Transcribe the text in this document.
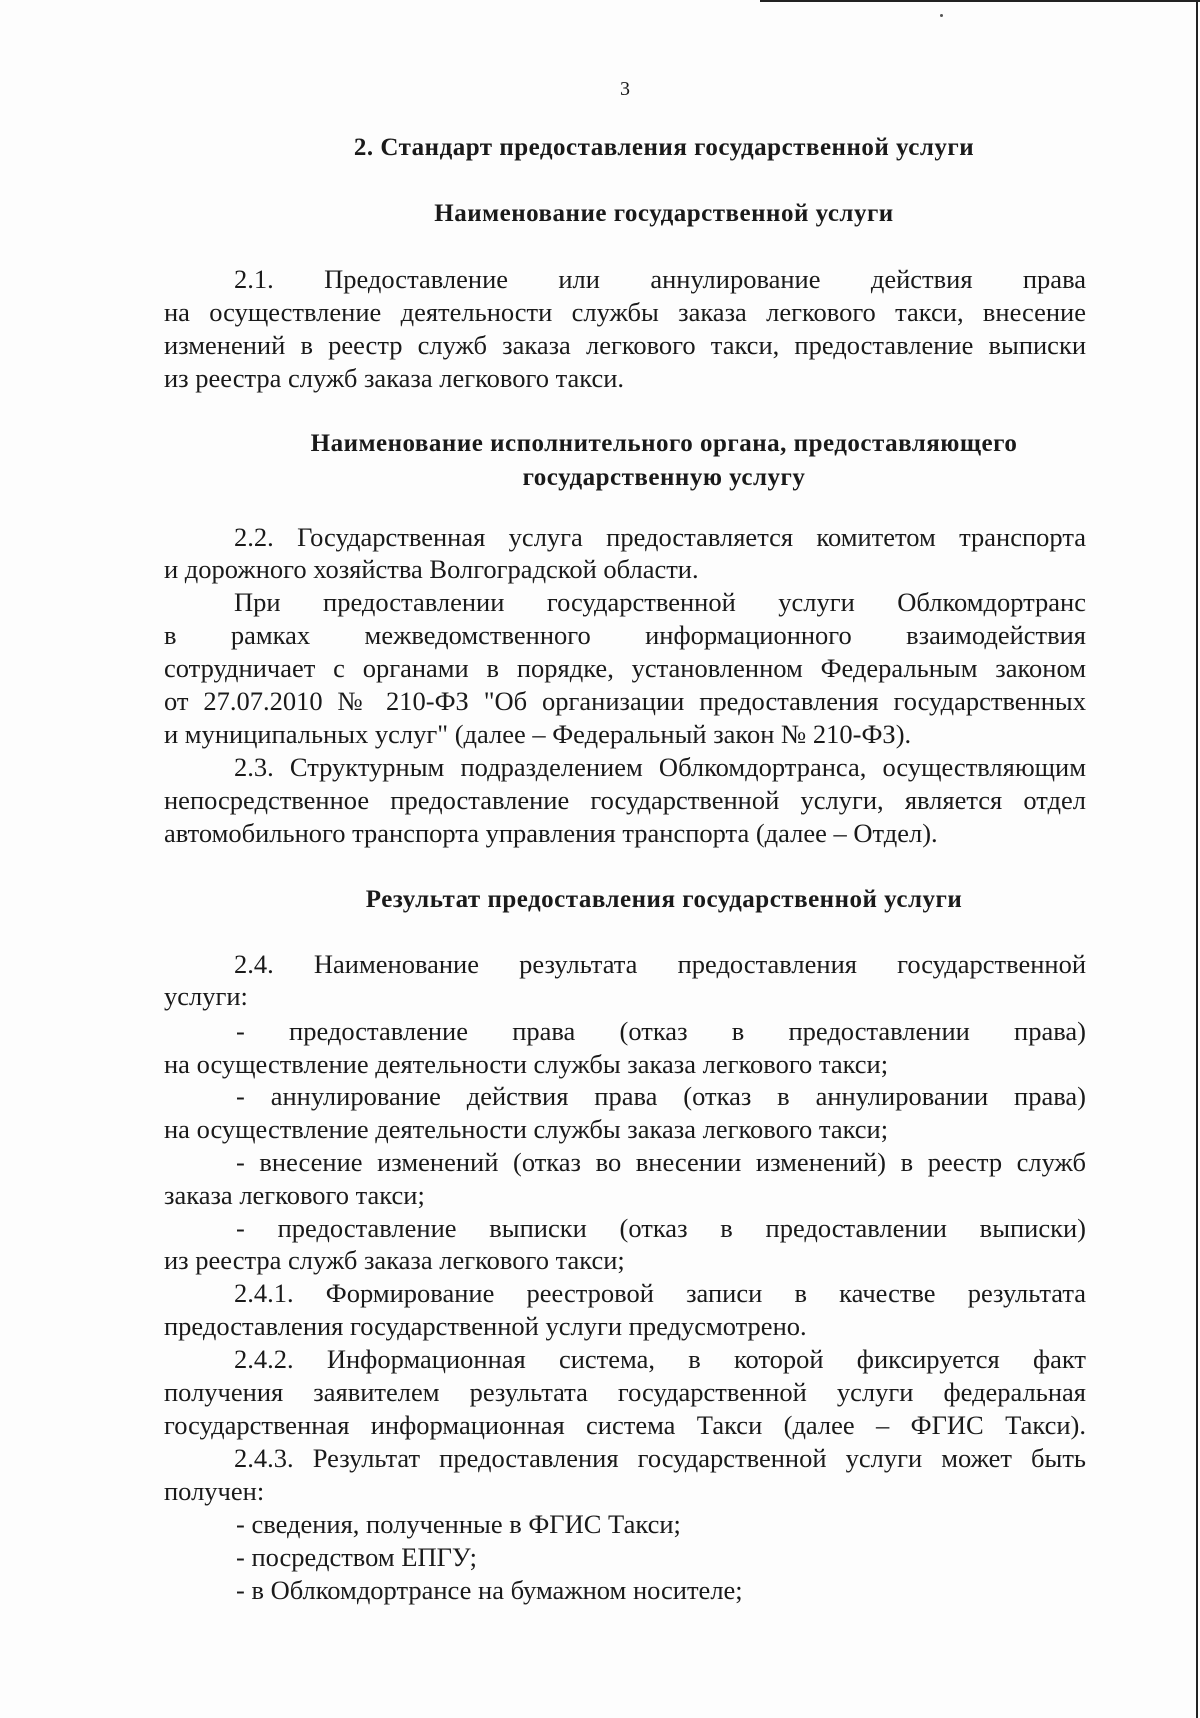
3
2. Стандарт предоставления государственной услуги
Наименование государственной услуги
2.1. Предоставление или аннулирование действия права
на осуществление деятельности службы заказа легкового такси, внесение
изменений в реестр служб заказа легкового такси, предоставление выписки
из реестра служб заказа легкового такси.
Наименование исполнительного органа, предоставляющего
государственную услугу
2.2. Государственная услуга предоставляется комитетом транспорта
и дорожного хозяйства Волгоградской области.
При предоставлении государственной услуги Облкомдортранс
в рамках межведомственного информационного взаимодействия
сотрудничает с органами в порядке, установленном Федеральным законом
от 27.07.2010 № 210-ФЗ "Об организации предоставления государственных
и муниципальных услуг" (далее – Федеральный закон № 210-ФЗ).
2.3. Структурным подразделением Облкомдортранса, осуществляющим
непосредственное предоставление государственной услуги, является отдел
автомобильного транспорта управления транспорта (далее – Отдел).
Результат предоставления государственной услуги
2.4. Наименование результата предоставления государственной
услуги:
- предоставление права (отказ в предоставлении права)
на осуществление деятельности службы заказа легкового такси;
- аннулирование действия права (отказ в аннулировании права)
на осуществление деятельности службы заказа легкового такси;
- внесение изменений (отказ во внесении изменений) в реестр служб
заказа легкового такси;
- предоставление выписки (отказ в предоставлении выписки)
из реестра служб заказа легкового такси;
2.4.1. Формирование реестровой записи в качестве результата
предоставления государственной услуги предусмотрено.
2.4.2. Информационная система, в которой фиксируется факт
получения заявителем результата государственной услуги федеральная
государственная информационная система Такси (далее – ФГИС Такси).
2.4.3. Результат предоставления государственной услуги может быть
получен:
- сведения, полученные в ФГИС Такси;
- посредством ЕПГУ;
- в Облкомдортрансе на бумажном носителе;
